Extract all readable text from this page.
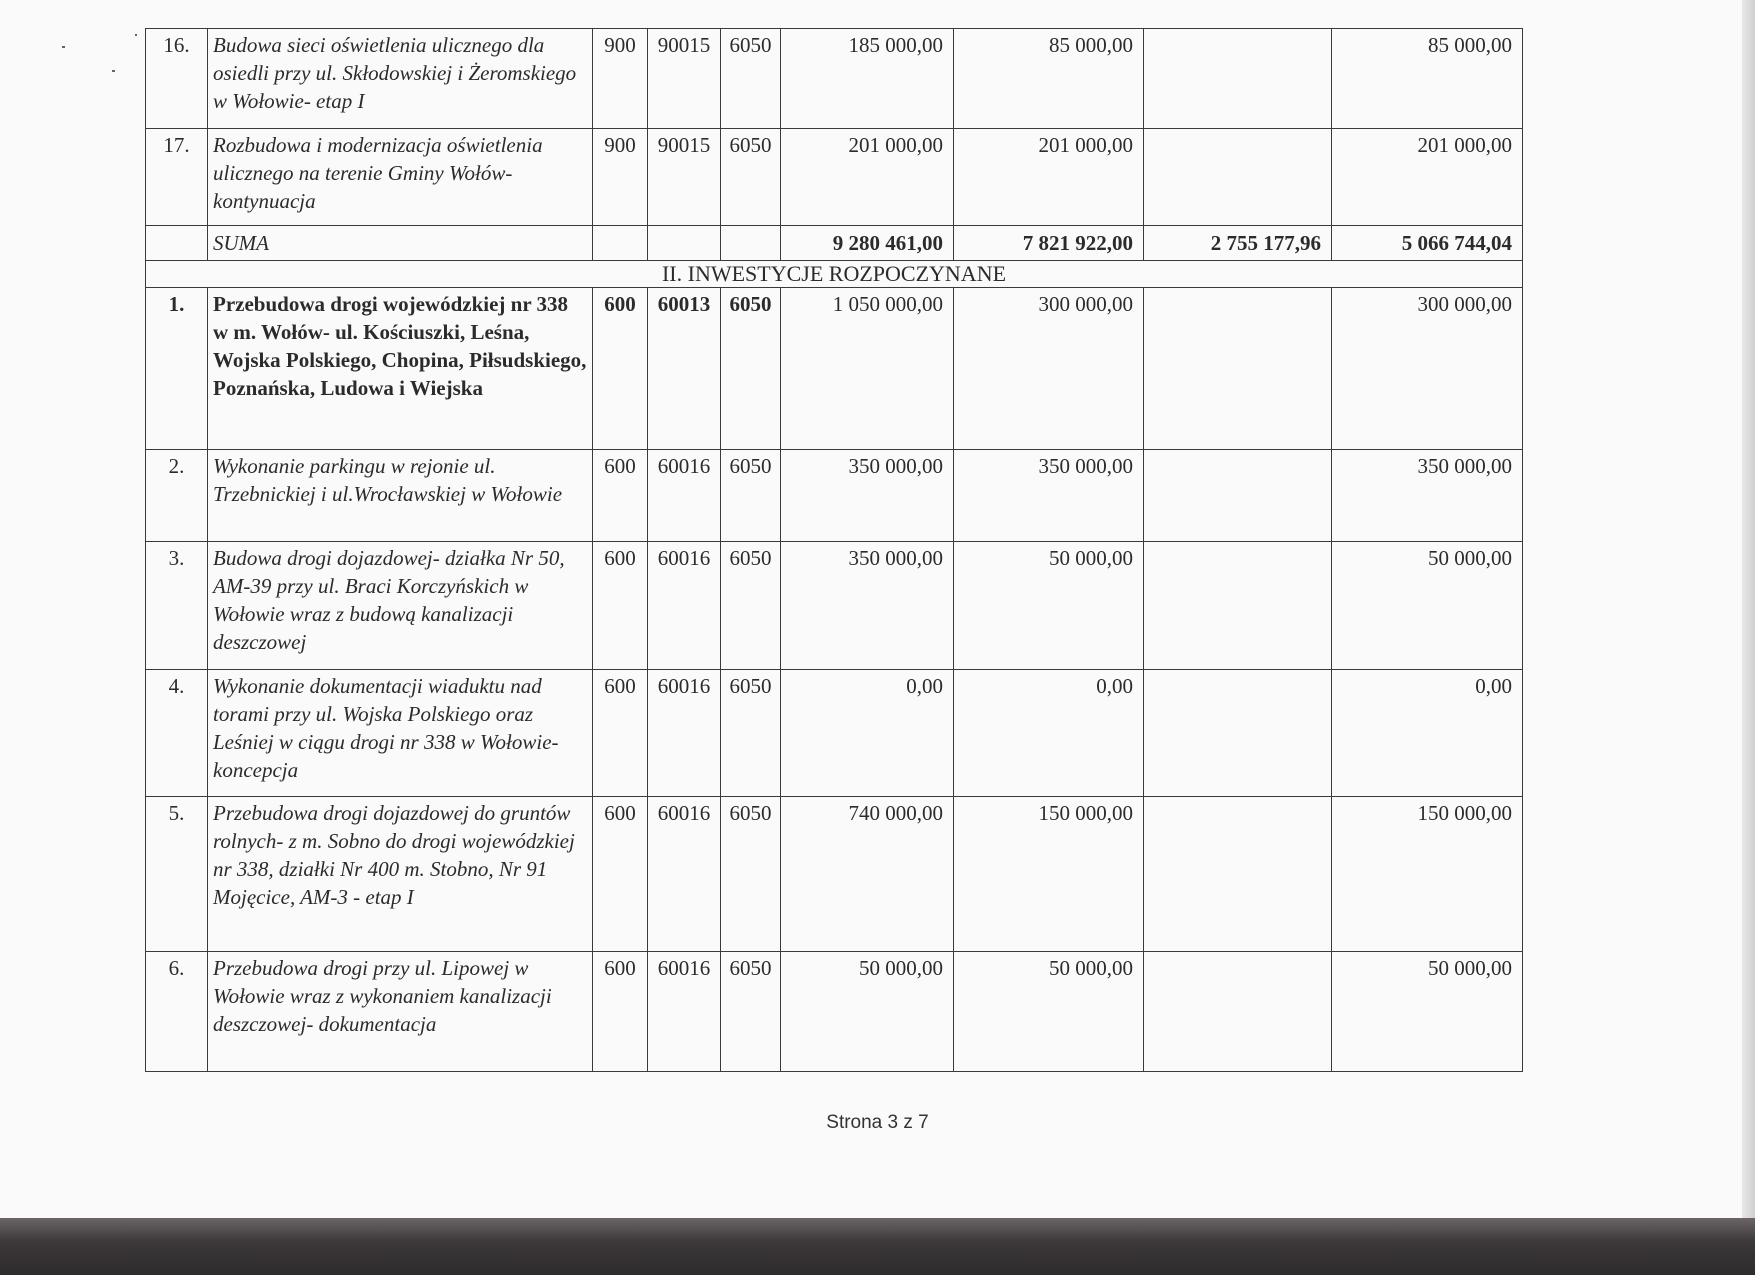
16.	Budowa sieci oświetlenia ulicznego dla osiedli przy ul. Skłodowskiej i Żeromskiego w Wołowie- etap I	900	90015	6050	185 000,00	85 000,00		85 000,00
17.	Rozbudowa i modernizacja oświetlenia ulicznego na terenie Gminy Wołów- kontynuacja	900	90015	6050	201 000,00	201 000,00		201 000,00
	SUMA				9 280 461,00	7 821 922,00	2 755 177,96	5 066 744,04
II. INWESTYCJE ROZPOCZYNANE								
1.	Przebudowa drogi wojewódzkiej nr 338 w m. Wołów- ul. Kościuszki, Leśna, Wojska Polskiego, Chopina, Piłsudskiego, Poznańska, Ludowa i Wiejska	600	60013	6050	1 050 000,00	300 000,00		300 000,00
2.	Wykonanie parkingu w rejonie ul. Trzebnickiej i ul.Wrocławskiej w Wołowie	600	60016	6050	350 000,00	350 000,00		350 000,00
3.	Budowa drogi dojazdowej- działka Nr 50, AM-39 przy ul. Braci Korczyńskich w Wołowie wraz z budową kanalizacji deszczowej	600	60016	6050	350 000,00	50 000,00		50 000,00
4.	Wykonanie dokumentacji wiaduktu nad torami przy ul. Wojska Polskiego oraz Leśniej w ciągu drogi nr 338 w Wołowie- koncepcja	600	60016	6050	0,00	0,00		0,00
5.	Przebudowa drogi dojazdowej do gruntów rolnych- z m. Sobno do drogi wojewódzkiej nr 338, działki Nr 400 m. Stobno, Nr 91 Mojęcice, AM-3 - etap I	600	60016	6050	740 000,00	150 000,00		150 000,00
6.	Przebudowa drogi przy ul. Lipowej w Wołowie wraz z wykonaniem kanalizacji deszczowej- dokumentacja	600	60016	6050	50 000,00	50 000,00		50 000,00
Strona 3 z 7
